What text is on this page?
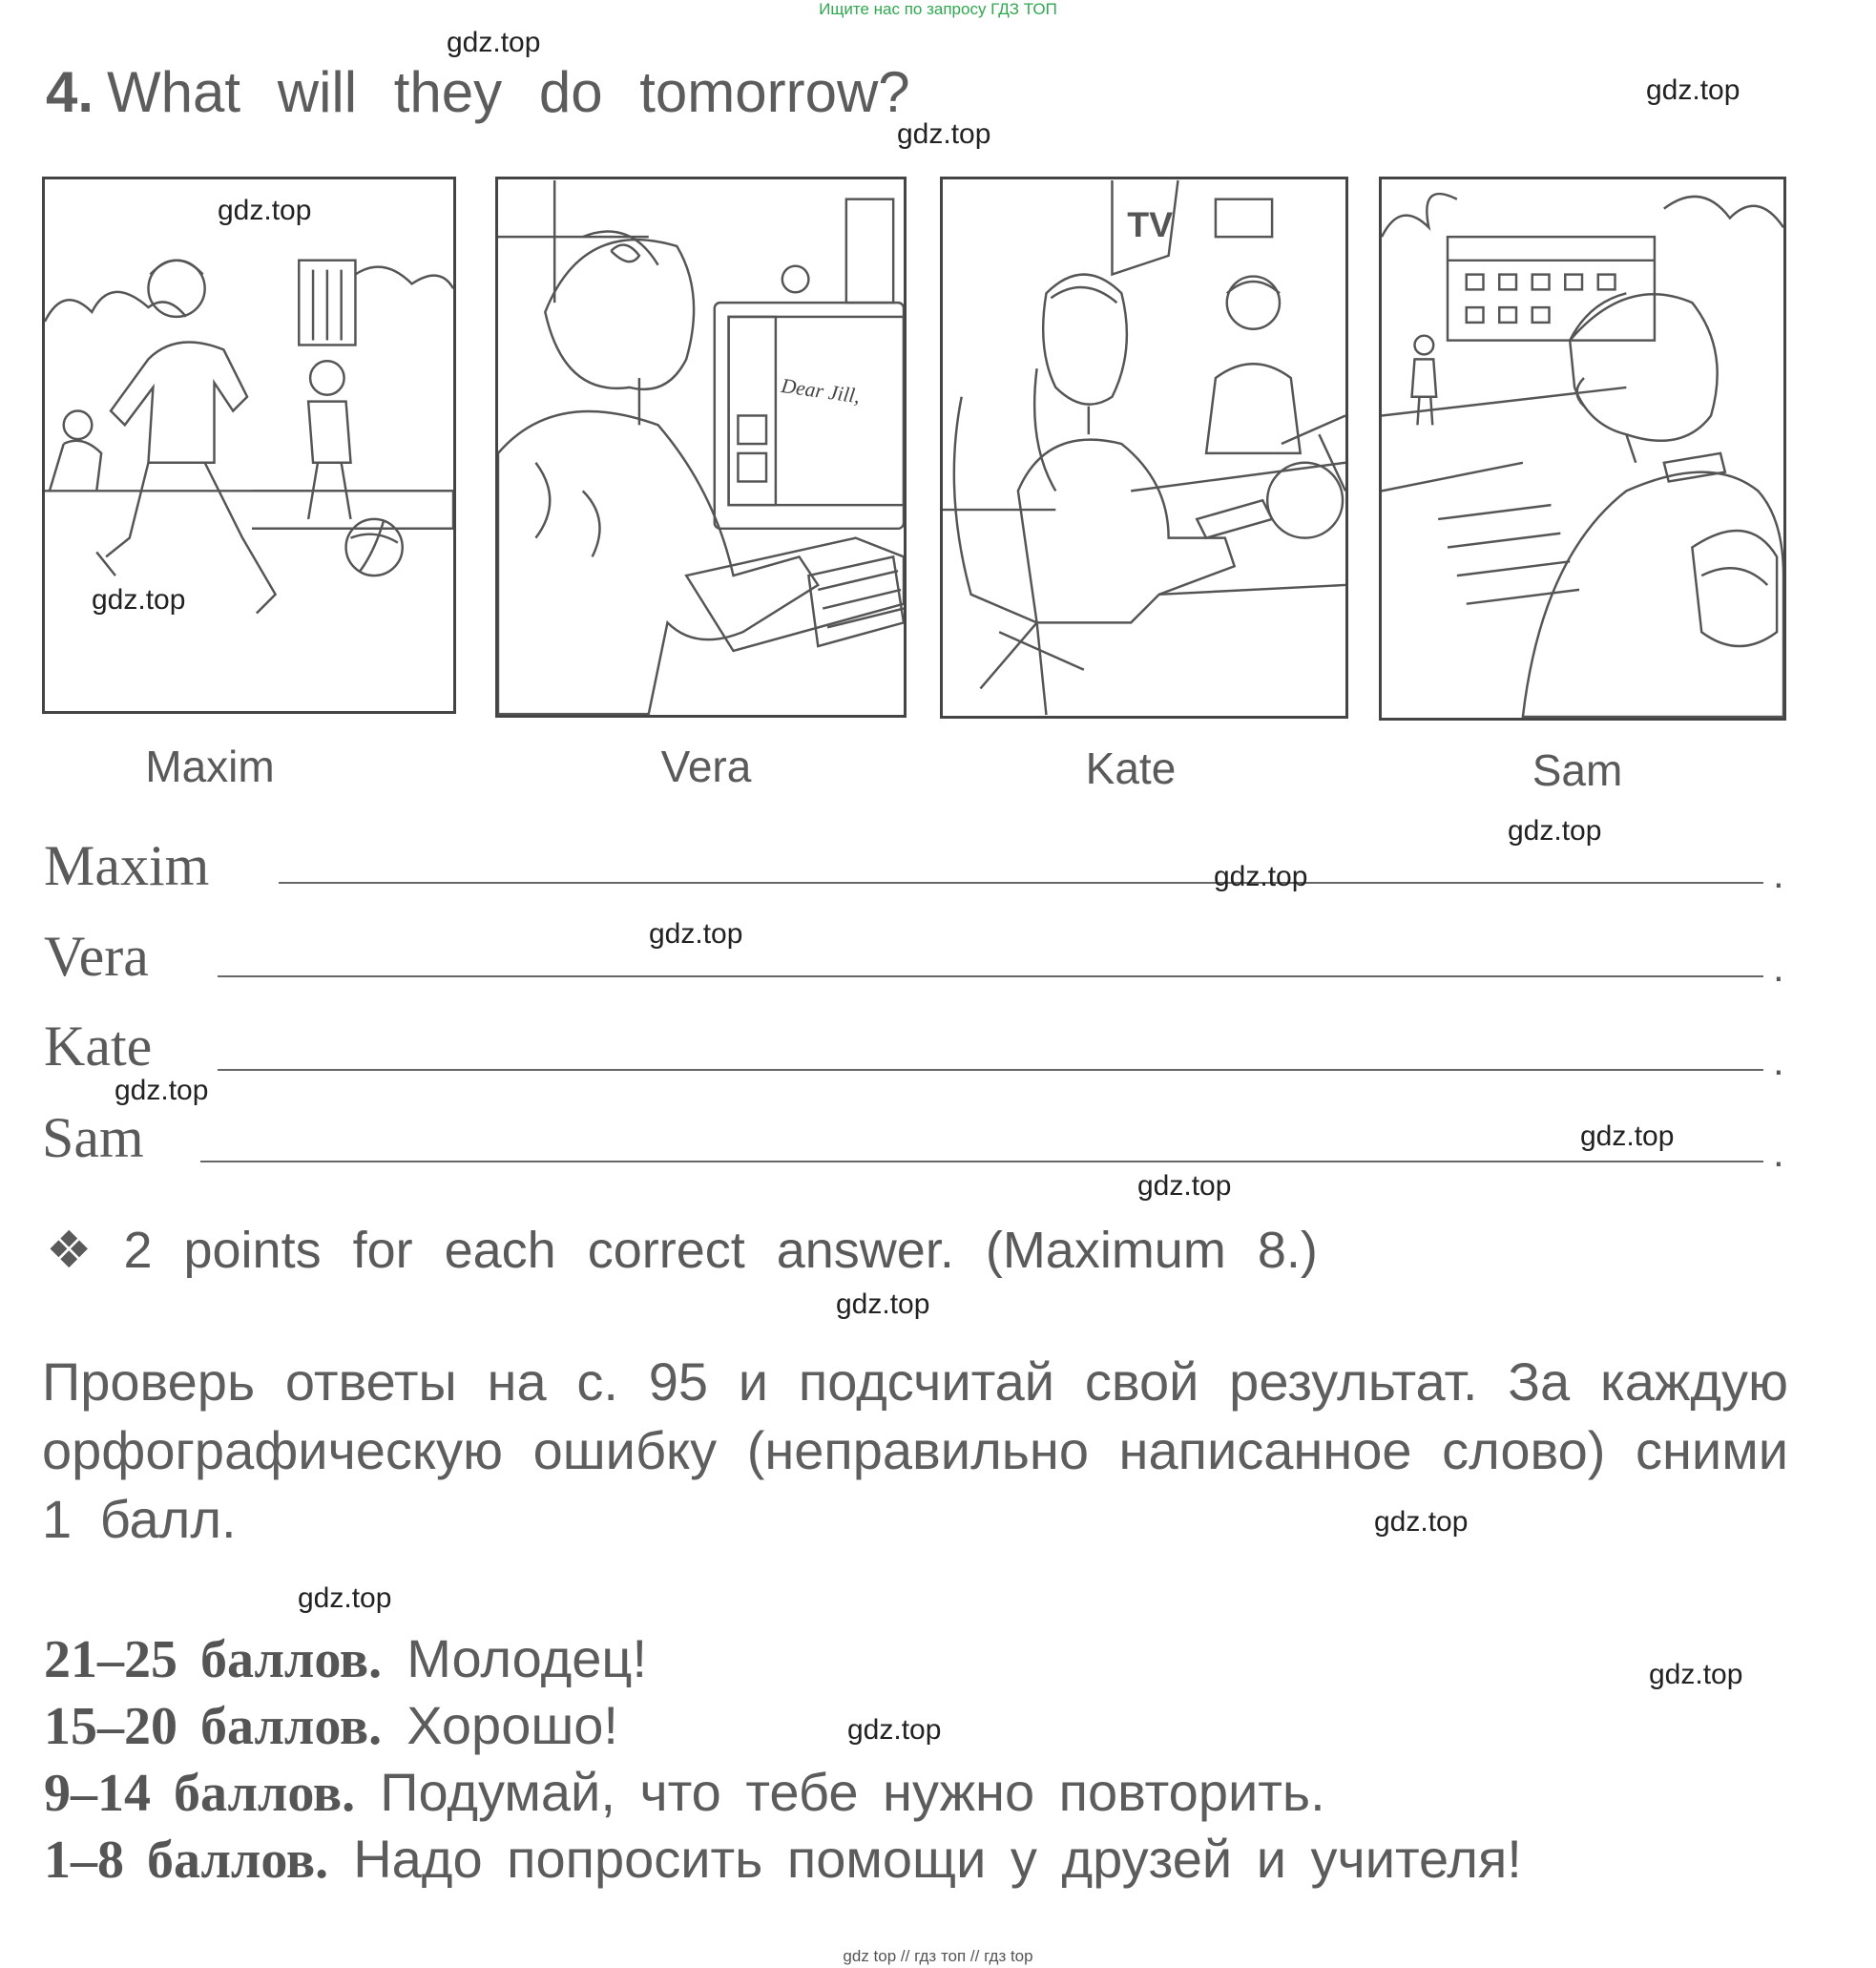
Ищите нас по запросу ГДЗ ТОП
gdz top // гдз топ // гдз top
4. What will they do tomorrow?
Dear Jill,
TV
Maxim	Vera	Kate	Sam
Maxim	.
Vera	.
Kate	.
Sam	.
❖ 2 points for each correct answer. (Maximum 8.)
Проверь ответы на с. 95 и подсчитай свой результат. За каждую орфографическую ошибку (неправильно написанное слово) сними 1 балл.
21–25 баллов. Молодец!
15–20 баллов. Хорошо!
9–14 баллов. Подумай, что тебе нужно повторить.
1–8 баллов. Надо попросить помощи у друзей и учителя!
gdz.top
gdz.top
gdz.top
gdz.top
gdz.top
gdz.top
gdz.top
gdz.top
gdz.top
gdz.top
gdz.top
gdz.top
gdz.top
gdz.top
gdz.top
gdz.top
